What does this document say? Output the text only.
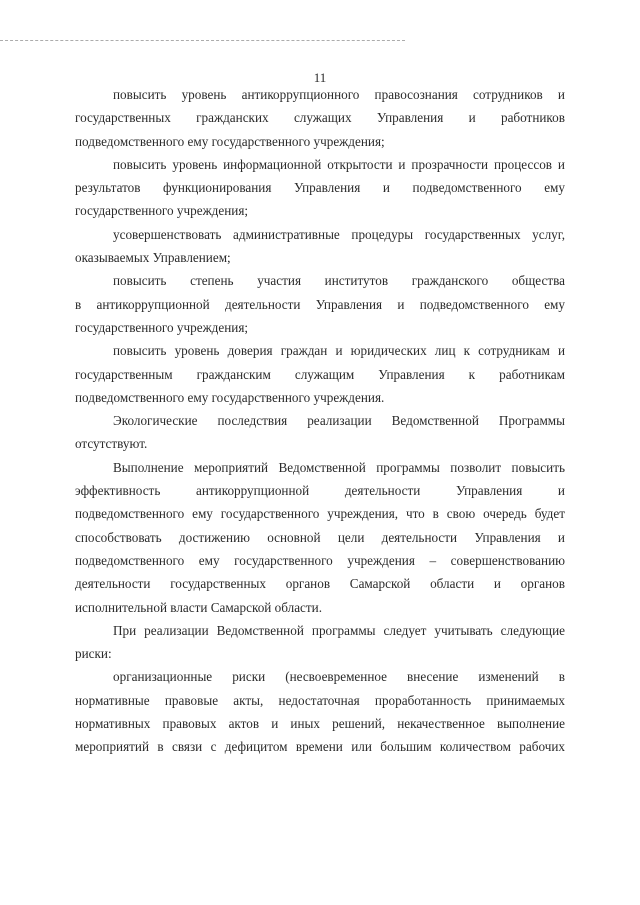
11
повысить уровень антикоррупционного правосознания сотрудников и
государственных гражданских служащих Управления и работников
подведомственного ему государственного учреждения;
повысить уровень информационной открытости и прозрачности процессов и
результатов функционирования Управления и подведомственного ему
государственного учреждения;
усовершенствовать административные процедуры государственных услуг,
оказываемых Управлением;
повысить степень участия институтов гражданского общества
в антикоррупционной деятельности Управления и подведомственного ему
государственного учреждения;
повысить уровень доверия граждан и юридических лиц к сотрудникам и
государственным гражданским служащим Управления к работникам
подведомственного ему государственного учреждения.
Экологические последствия реализации Ведомственной Программы
отсутствуют.
Выполнение мероприятий Ведомственной программы позволит повысить
эффективность антикоррупционной деятельности Управления и
подведомственного ему государственного учреждения, что в свою очередь будет
способствовать достижению основной цели деятельности Управления и
подведомственного ему государственного учреждения – совершенствованию
деятельности государственных органов Самарской области и органов
исполнительной власти Самарской области.
При реализации Ведомственной программы следует учитывать следующие
риски:
организационные риски (несвоевременное внесение изменений в
нормативные правовые акты, недостаточная проработанность принимаемых
нормативных правовых актов и иных решений, некачественное выполнение
мероприятий в связи с дефицитом времени или большим количеством рабочих
